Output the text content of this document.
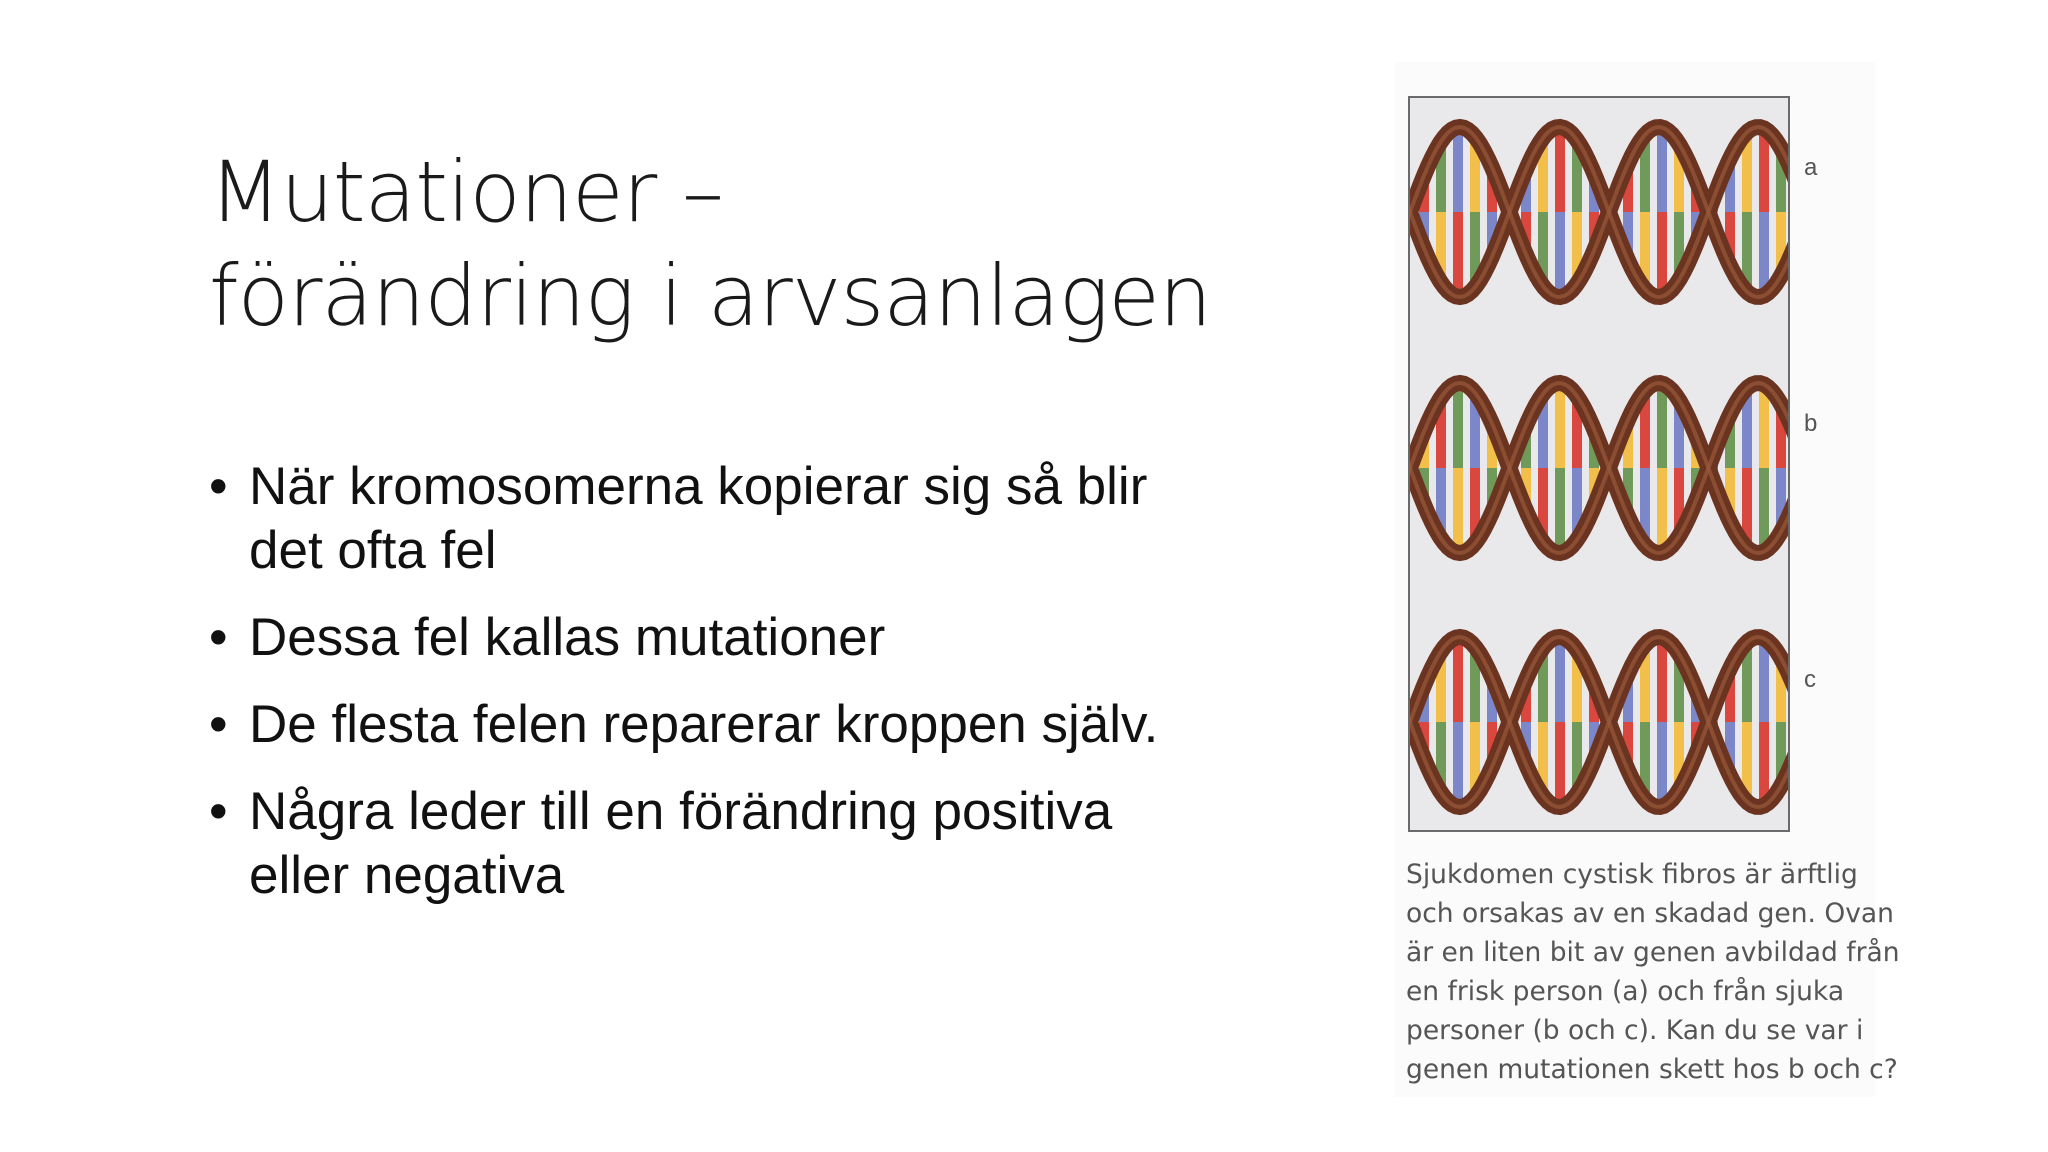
Mutationer –
förändring i arvsanlagen
• När kromosomerna kopierar sig så blir
det ofta fel
• Dessa fel kallas mutationer
• De flesta felen reparerar kroppen själv.
• Några leder till en förändring positiva
eller negativa
a
b
c
Sjukdomen cystisk fibros är ärftlig
och orsakas av en skadad gen. Ovan
är en liten bit av genen avbildad från
en frisk person (a) och från sjuka
personer (b och c). Kan du se var i
genen mutationen skett hos b och c?
